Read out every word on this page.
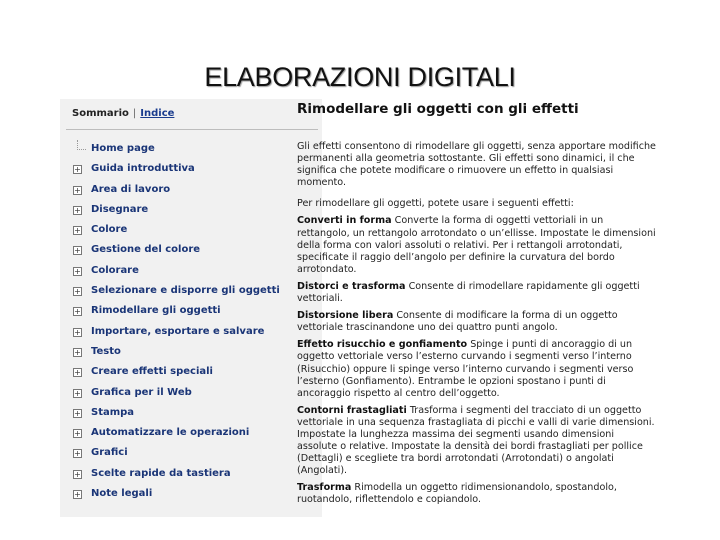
ELABORAZIONI DIGITALI
Sommario | Indice
Home page
+ Guida introduttiva
+ Area di lavoro
+ Disegnare
+ Colore
+ Gestione del colore
+ Colorare
+ Selezionare e disporre gli oggetti
+ Rimodellare gli oggetti
+ Importare, esportare e salvare
+ Testo
+ Creare effetti speciali
+ Grafica per il Web
+ Stampa
+ Automatizzare le operazioni
+ Grafici
+ Scelte rapide da tastiera
+ Note legali
Rimodellare gli oggetti con gli effetti

Gli effetti consentono di rimodellare gli oggetti, senza apportare modifiche permanenti alla geometria sottostante. Gli effetti sono dinamici, il che significa che potete modificare o rimuovere un effetto in qualsiasi momento.

Per rimodellare gli oggetti, potete usare i seguenti effetti:

Converti in forma Converte la forma di oggetti vettoriali in un rettangolo, un rettangolo arrotondato o un’ellisse. Impostate le dimensioni della forma con valori assoluti o relativi. Per i rettangoli arrotondati, specificate il raggio dell’angolo per definire la curvatura del bordo arrotondato.

Distorci e trasforma Consente di rimodellare rapidamente gli oggetti vettoriali.

Distorsione libera Consente di modificare la forma di un oggetto vettoriale trascinandone uno dei quattro punti angolo.

Effetto risucchio e gonfiamento Spinge i punti di ancoraggio di un oggetto vettoriale verso l’esterno curvando i segmenti verso l’interno (Risucchio) oppure li spinge verso l’interno curvando i segmenti verso l’esterno (Gonfiamento). Entrambe le opzioni spostano i punti di ancoraggio rispetto al centro dell’oggetto.

Contorni frastagliati Trasforma i segmenti del tracciato di un oggetto vettoriale in una sequenza frastagliata di picchi e valli di varie dimensioni. Impostate la lunghezza massima dei segmenti usando dimensioni assolute o relative. Impostate la densità dei bordi frastagliati per pollice (Dettagli) e scegliete tra bordi arrotondati (Arrotondati) o angolati (Angolati).

Trasforma Rimodella un oggetto ridimensionandolo, spostandolo, ruotandolo, riflettendolo e copiandolo.
